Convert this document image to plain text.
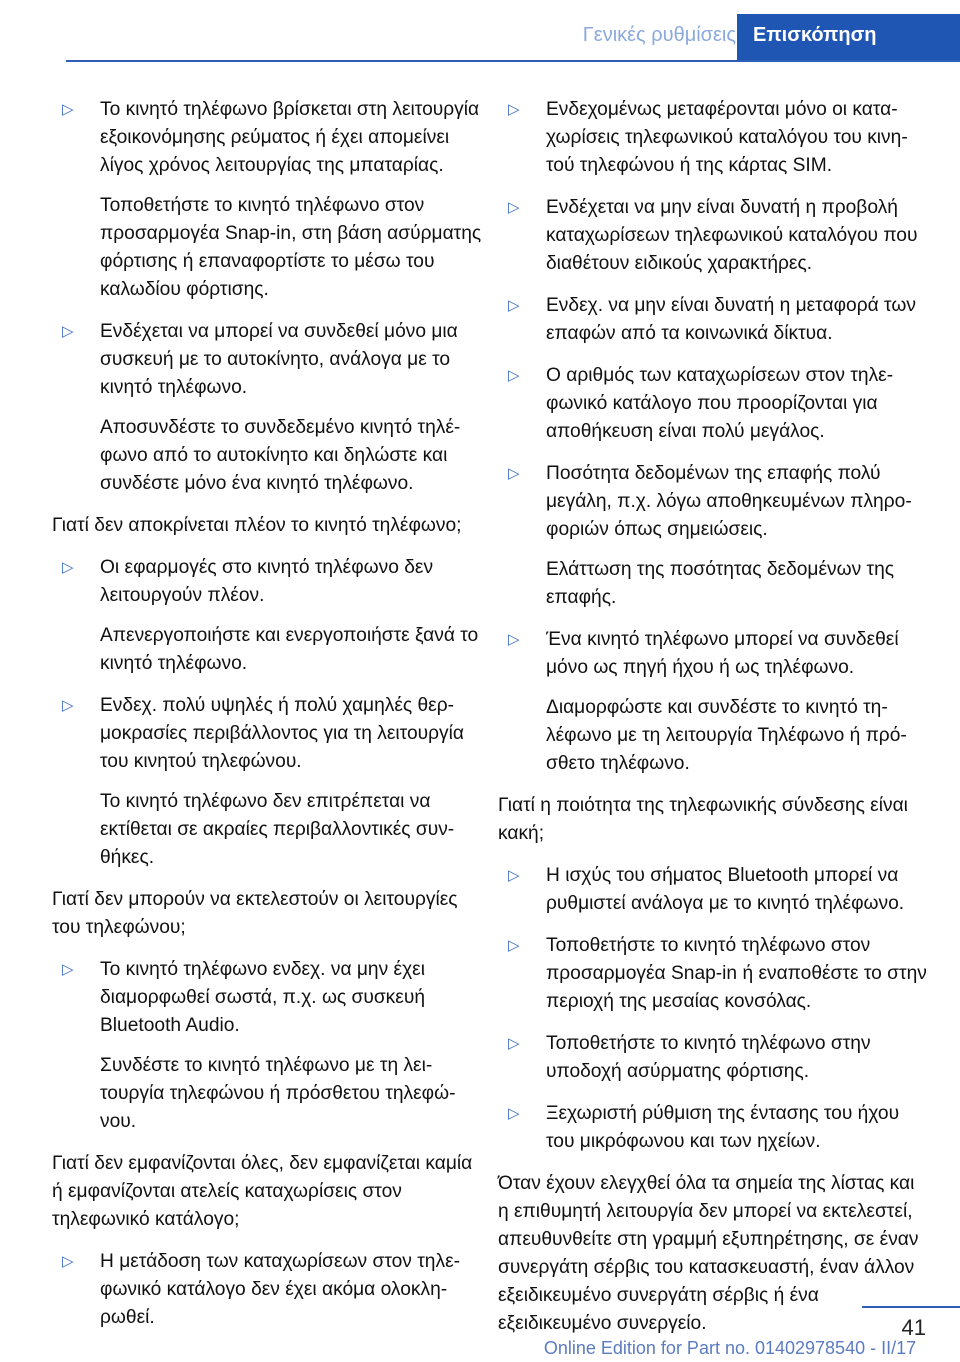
Γενικές ρυθμίσεις Επισκόπηση
▷ Το κινητό τηλέφωνο βρίσκεται στη λειτουργία εξοικονόμησης ρεύματος ή έχει απομείνει λίγος χρόνος λειτουργίας της μπαταρίας.
Τοποθετήστε το κινητό τηλέφωνο στον προσαρμογέα Snap-in, στη βάση ασύρματης φόρτισης ή επαναφορτίστε το μέσω του καλωδίου φόρτισης.
▷ Ενδέχεται να μπορεί να συνδεθεί μόνο μια συσκευή με το αυτοκίνητο, ανάλογα με το κινητό τηλέφωνο.
Αποσυνδέστε το συνδεδεμένο κινητό τηλέφωνο από το αυτοκίνητο και δηλώστε και συνδέστε μόνο ένα κινητό τηλέφωνο.
Γιατί δεν αποκρίνεται πλέον το κινητό τηλέφωνο;
▷ Οι εφαρμογές στο κινητό τηλέφωνο δεν λειτουργούν πλέον.
Απενεργοποιήστε και ενεργοποιήστε ξανά το κινητό τηλέφωνο.
▷ Ενδεχ. πολύ υψηλές ή πολύ χαμηλές θερμοκρασίες περιβάλλοντος για τη λειτουργία του κινητού τηλεφώνου.
Το κινητό τηλέφωνο δεν επιτρέπεται να εκτίθεται σε ακραίες περιβαλλοντικές συνθήκες.
Γιατί δεν μπορούν να εκτελεστούν οι λειτουργίες του τηλεφώνου;
▷ Το κινητό τηλέφωνο ενδεχ. να μην έχει διαμορφωθεί σωστά, π.χ. ως συσκευή Bluetooth Audio.
Συνδέστε το κινητό τηλέφωνο με τη λειτουργία τηλεφώνου ή πρόσθετου τηλεφώνου.
Γιατί δεν εμφανίζονται όλες, δεν εμφανίζεται καμία ή εμφανίζονται ατελείς καταχωρίσεις στον τηλεφωνικό κατάλογο;
▷ Η μετάδοση των καταχωρίσεων στον τηλεφωνικό κατάλογο δεν έχει ακόμα ολοκληρωθεί.
▷ Ενδεχομένως μεταφέρονται μόνο οι καταχωρίσεις τηλεφωνικού καταλόγου του κινητού τηλεφώνου ή της κάρτας SIM.
▷ Ενδέχεται να μην είναι δυνατή η προβολή καταχωρίσεων τηλεφωνικού καταλόγου που διαθέτουν ειδικούς χαρακτήρες.
▷ Ενδεχ. να μην είναι δυνατή η μεταφορά των επαφών από τα κοινωνικά δίκτυα.
▷ Ο αριθμός των καταχωρίσεων στον τηλεφωνικό κατάλογο που προορίζονται για αποθήκευση είναι πολύ μεγάλος.
▷ Ποσότητα δεδομένων της επαφής πολύ μεγάλη, π.χ. λόγω αποθηκευμένων πληροφοριών όπως σημειώσεις.
Ελάττωση της ποσότητας δεδομένων της επαφής.
▷ Ένα κινητό τηλέφωνο μπορεί να συνδεθεί μόνο ως πηγή ήχου ή ως τηλέφωνο.
Διαμορφώστε και συνδέστε το κινητό τηλέφωνο με τη λειτουργία Τηλέφωνο ή πρόσθετο τηλέφωνο.
Γιατί η ποιότητα της τηλεφωνικής σύνδεσης είναι κακή;
▷ Η ισχύς του σήματος Bluetooth μπορεί να ρυθμιστεί ανάλογα με το κινητό τηλέφωνο.
▷ Τοποθετήστε το κινητό τηλέφωνο στον προσαρμογέα Snap-in ή εναποθέστε το στην περιοχή της μεσαίας κονσόλας.
▷ Τοποθετήστε το κινητό τηλέφωνο στην υποδοχή ασύρματης φόρτισης.
▷ Ξεχωριστή ρύθμιση της έντασης του ήχου του μικρόφωνου και των ηχείων.
Όταν έχουν ελεγχθεί όλα τα σημεία της λίστας και η επιθυμητή λειτουργία δεν μπορεί να εκτελεστεί, απευθυνθείτε στη γραμμή εξυπηρέτησης, σε έναν συνεργάτη σέρβις του κατασκευαστή, έναν άλλον εξειδικευμένο συνεργάτη σέρβις ή ένα εξειδικευμένο συνεργείο.	41
Online Edition for Part no. 01402978540 - II/17
